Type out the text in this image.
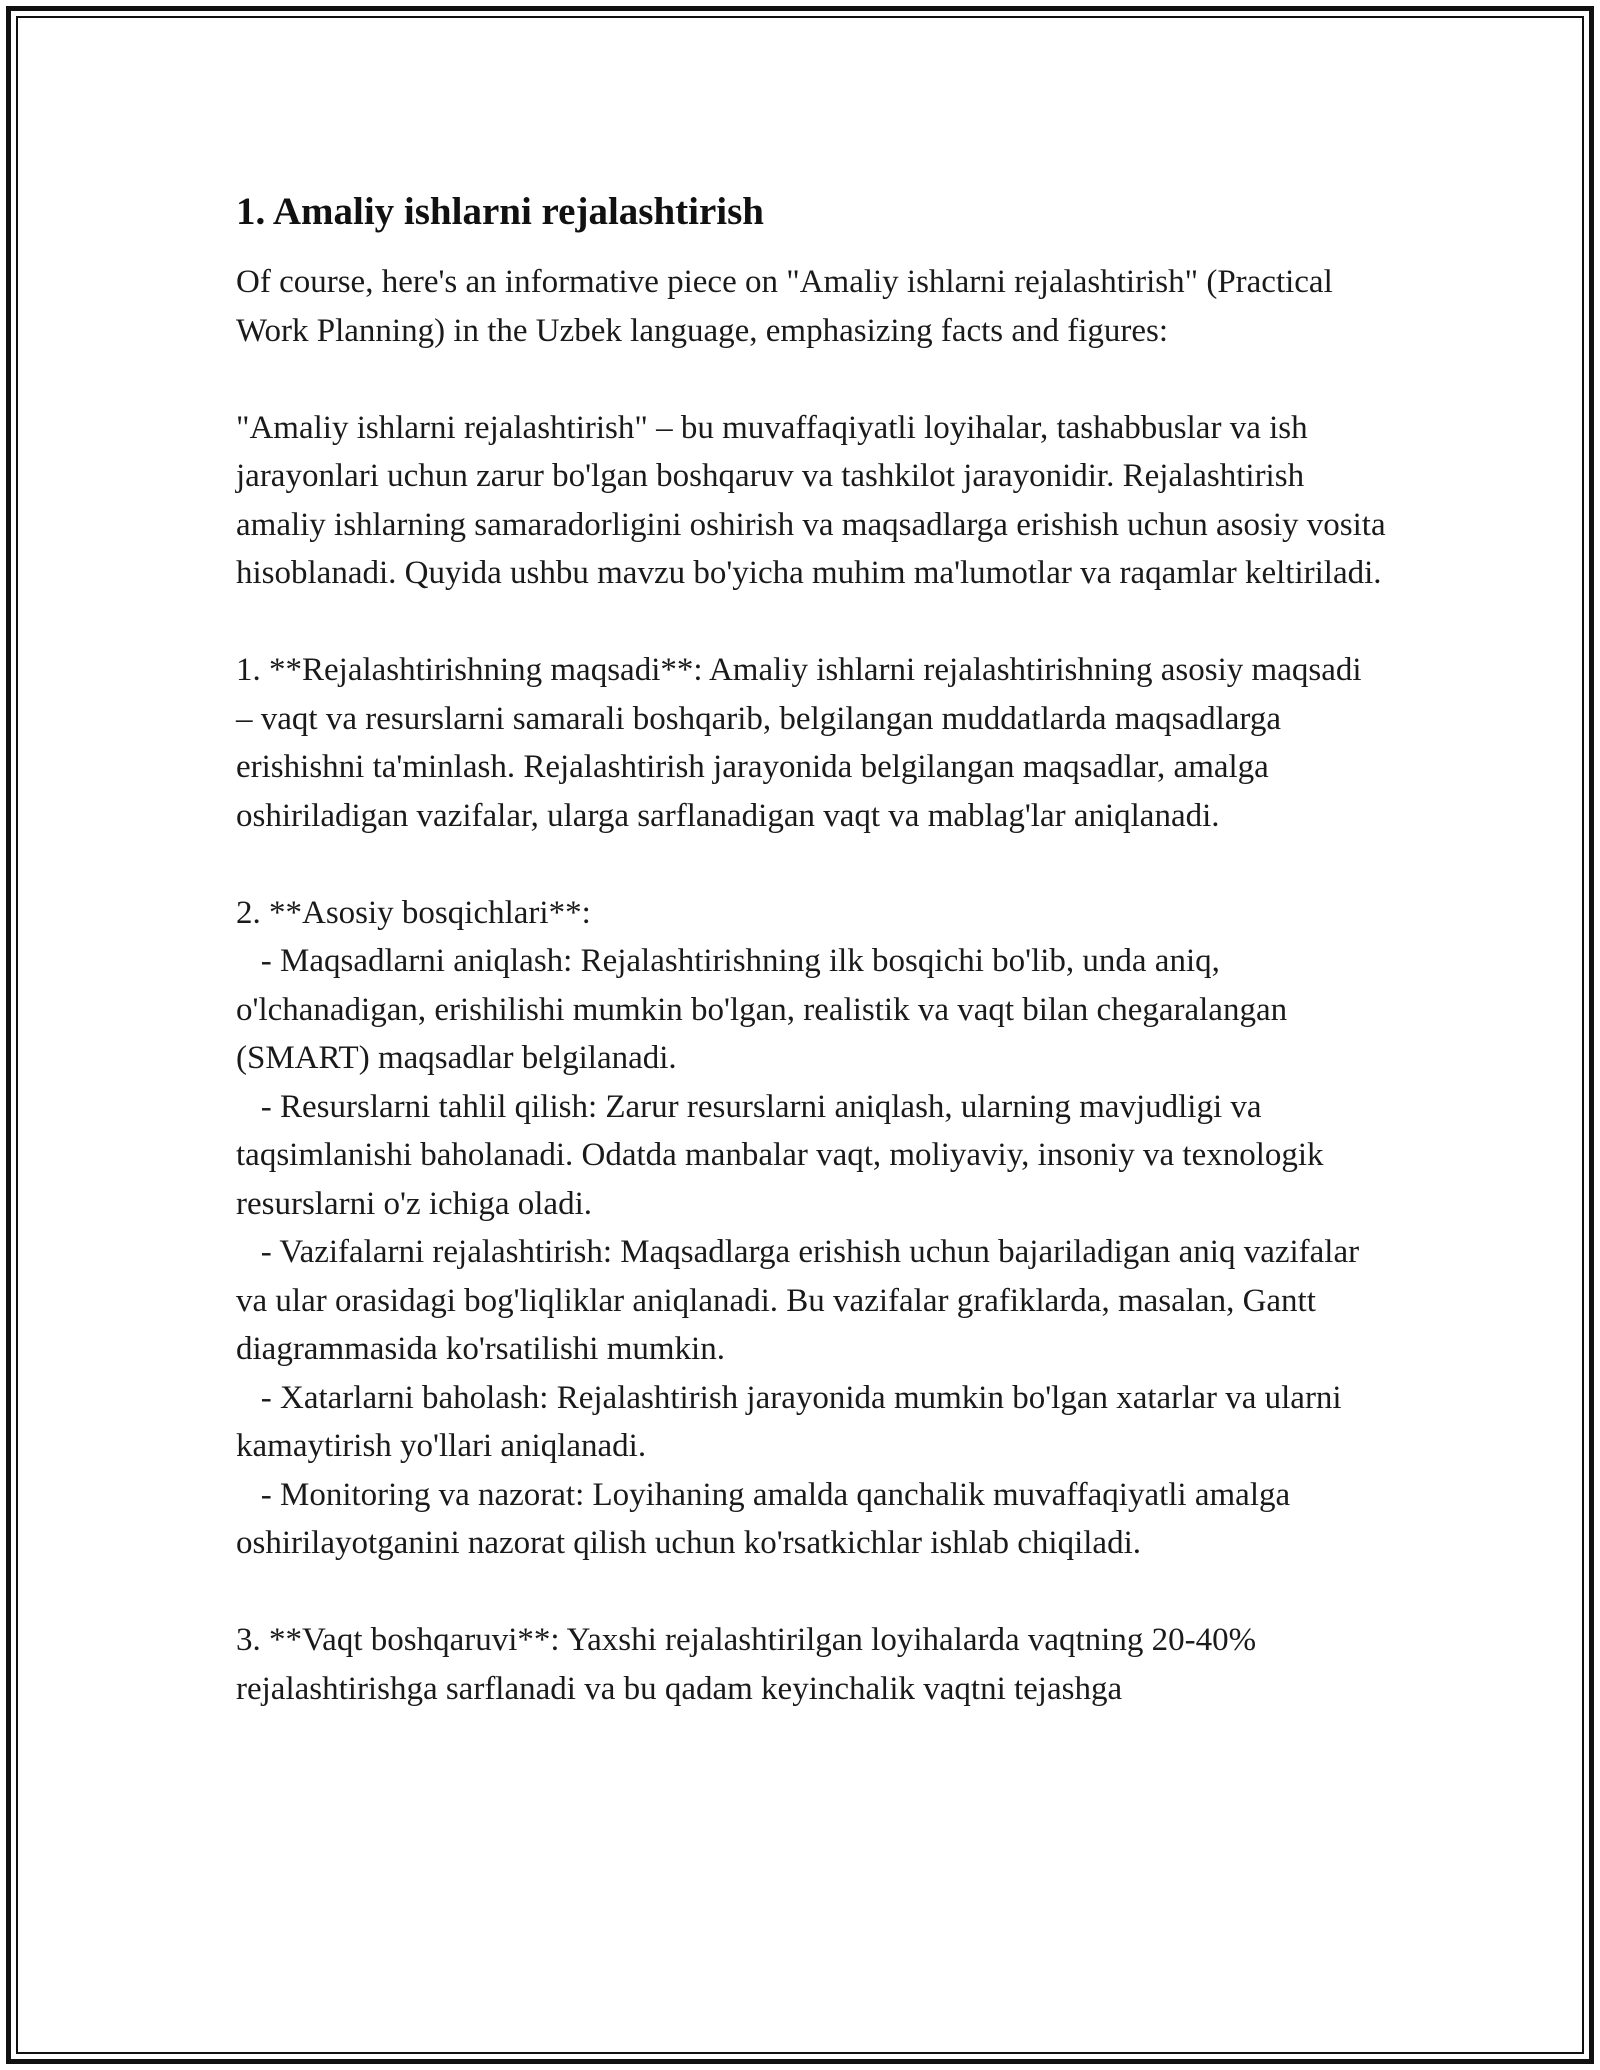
1. Amaliy ishlarni rejalashtirish

Of course, here's an informative piece on "Amaliy ishlarni rejalashtirish" (Practical Work Planning) in the Uzbek language, emphasizing facts and figures:

"Amaliy ishlarni rejalashtirish" – bu muvaffaqiyatli loyihalar, tashabbuslar va ish jarayonlari uchun zarur bo'lgan boshqaruv va tashkilot jarayonidir. Rejalashtirish amaliy ishlarning samaradorligini oshirish va maqsadlarga erishish uchun asosiy vosita hisoblanadi. Quyida ushbu mavzu bo'yicha muhim ma'lumotlar va raqamlar keltiriladi.

1. **Rejalashtirishning maqsadi**: Amaliy ishlarni rejalashtirishning asosiy maqsadi – vaqt va resurslarni samarali boshqarib, belgilangan muddatlarda maqsadlarga erishishni ta'minlash. Rejalashtirish jarayonida belgilangan maqsadlar, amalga oshiriladigan vazifalar, ularga sarflanadigan vaqt va mablag'lar aniqlanadi.

2. **Asosiy bosqichlari**:
- Maqsadlarni aniqlash: Rejalashtirishning ilk bosqichi bo'lib, unda aniq, o'lchanadigan, erishilishi mumkin bo'lgan, realistik va vaqt bilan chegaralangan (SMART) maqsadlar belgilanadi.
- Resurslarni tahlil qilish: Zarur resurslarni aniqlash, ularning mavjudligi va taqsimlanishi baholanadi. Odatda manbalar vaqt, moliyaviy, insoniy va texnologik resurslarni o'z ichiga oladi.
- Vazifalarni rejalashtirish: Maqsadlarga erishish uchun bajariladigan aniq vazifalar va ular orasidagi bog'liqliklar aniqlanadi. Bu vazifalar grafiklarda, masalan, Gantt diagrammasida ko'rsatilishi mumkin.
- Xatarlarni baholash: Rejalashtirish jarayonida mumkin bo'lgan xatarlar va ularni kamaytirish yo'llari aniqlanadi.
- Monitoring va nazorat: Loyihaning amalda qanchalik muvaffaqiyatli amalga oshirilayotganini nazorat qilish uchun ko'rsatkichlar ishlab chiqiladi.

3. **Vaqt boshqaruvi**: Yaxshi rejalashtirilgan loyihalarda vaqtning 20-40% rejalashtirishga sarflanadi va bu qadam keyinchalik vaqtni tejashga
